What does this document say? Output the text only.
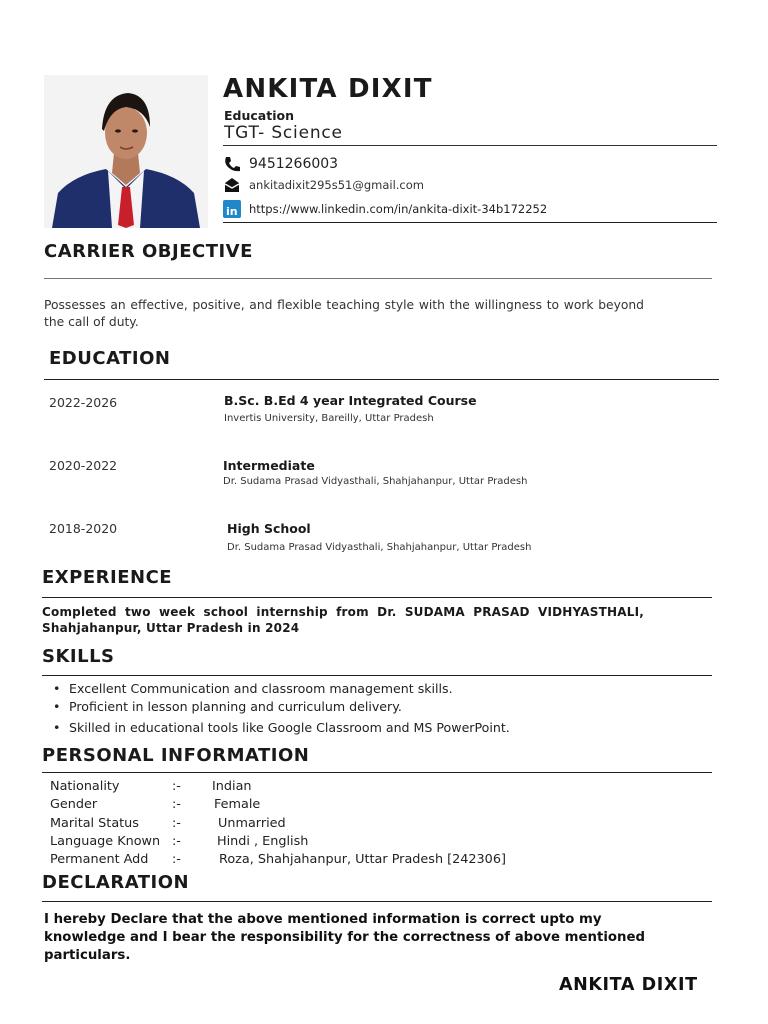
ANKITA DIXIT
Education
TGT- Science
9451266003
ankitadixit295s51@gmail.com
in https://www.linkedin.com/in/ankita-dixit-34b172252
CARRIER OBJECTIVE
Possesses an effective, positive, and flexible teaching style with the willingness to work beyond the call of duty.
EDUCATION
2022-2026	B.Sc. B.Ed 4 year Integrated Course
Invertis University, Bareilly, Uttar Pradesh
2020-2022	Intermediate
Dr. Sudama Prasad Vidyasthali, Shahjahanpur, Uttar Pradesh
2018-2020	High School
Dr. Sudama Prasad Vidyasthali, Shahjahanpur, Uttar Pradesh
EXPERIENCE
Completed two week school internship from Dr. SUDAMA PRASAD VIDHYASTHALI, Shahjahanpur, Uttar Pradesh in 2024
SKILLS
• Excellent Communication and classroom management skills.
• Proficient in lesson planning and curriculum delivery.
• Skilled in educational tools like Google Classroom and MS PowerPoint.
PERSONAL INFORMATION
Nationality	:- Indian
Gender	:-	Female
Marital Status	:-	Unmarried
Language Known :-	Hindi , English
Permanent Add :-	Roza, Shahjahanpur, Uttar Pradesh [242306]
DECLARATION
I hereby Declare that the above mentioned information is correct upto my knowledge and I bear the responsibility for the correctness of above mentioned particulars.
ANKITA DIXIT
